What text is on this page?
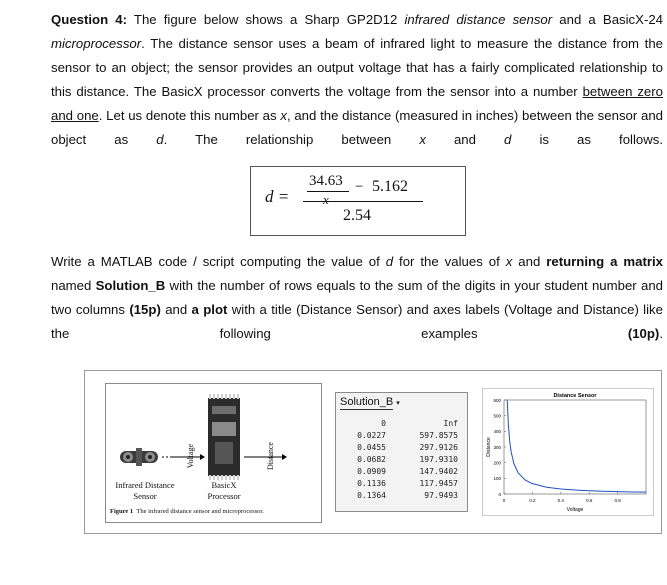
Question 4: The figure below shows a Sharp GP2D12 infrared distance sensor and a BasicX-24 microprocessor. The distance sensor uses a beam of infrared light to measure the distance from the sensor to an object; the sensor provides an output voltage that has a fairly complicated relationship to this distance. The BasicX processor converts the voltage from the sensor into a number between zero and one. Let us denote this number as x, and the distance (measured in inches) between the sensor and object as d. The relationship between x and d is as follows.
d =
34.63
x
− 5.162
2.54
Write a MATLAB code / script computing the value of d for the values of x and returning a matrix named Solution_B with the number of rows equals to the sum of the digits in your student number and two columns (15p) and a plot with a title (Distance Sensor) and axes labels (Voltage and Distance) like the following examples (10p).
Voltage	Distance
Infrared Distance
Sensor
BasicX
Processor
Figure 1 The infrared distance sensor and microprocessor.
Solution_B ▾
0	Inf
0.0227	597.8575
0.0455	297.9126
0.0682	197.9310
0.0909	147.9402
0.1136	117.9457
0.1364	97.9493
Distance Sensor
Voltage
Distance
0
100
200
300
400
500
600
0	0.2	0.4	0.6	0.8
